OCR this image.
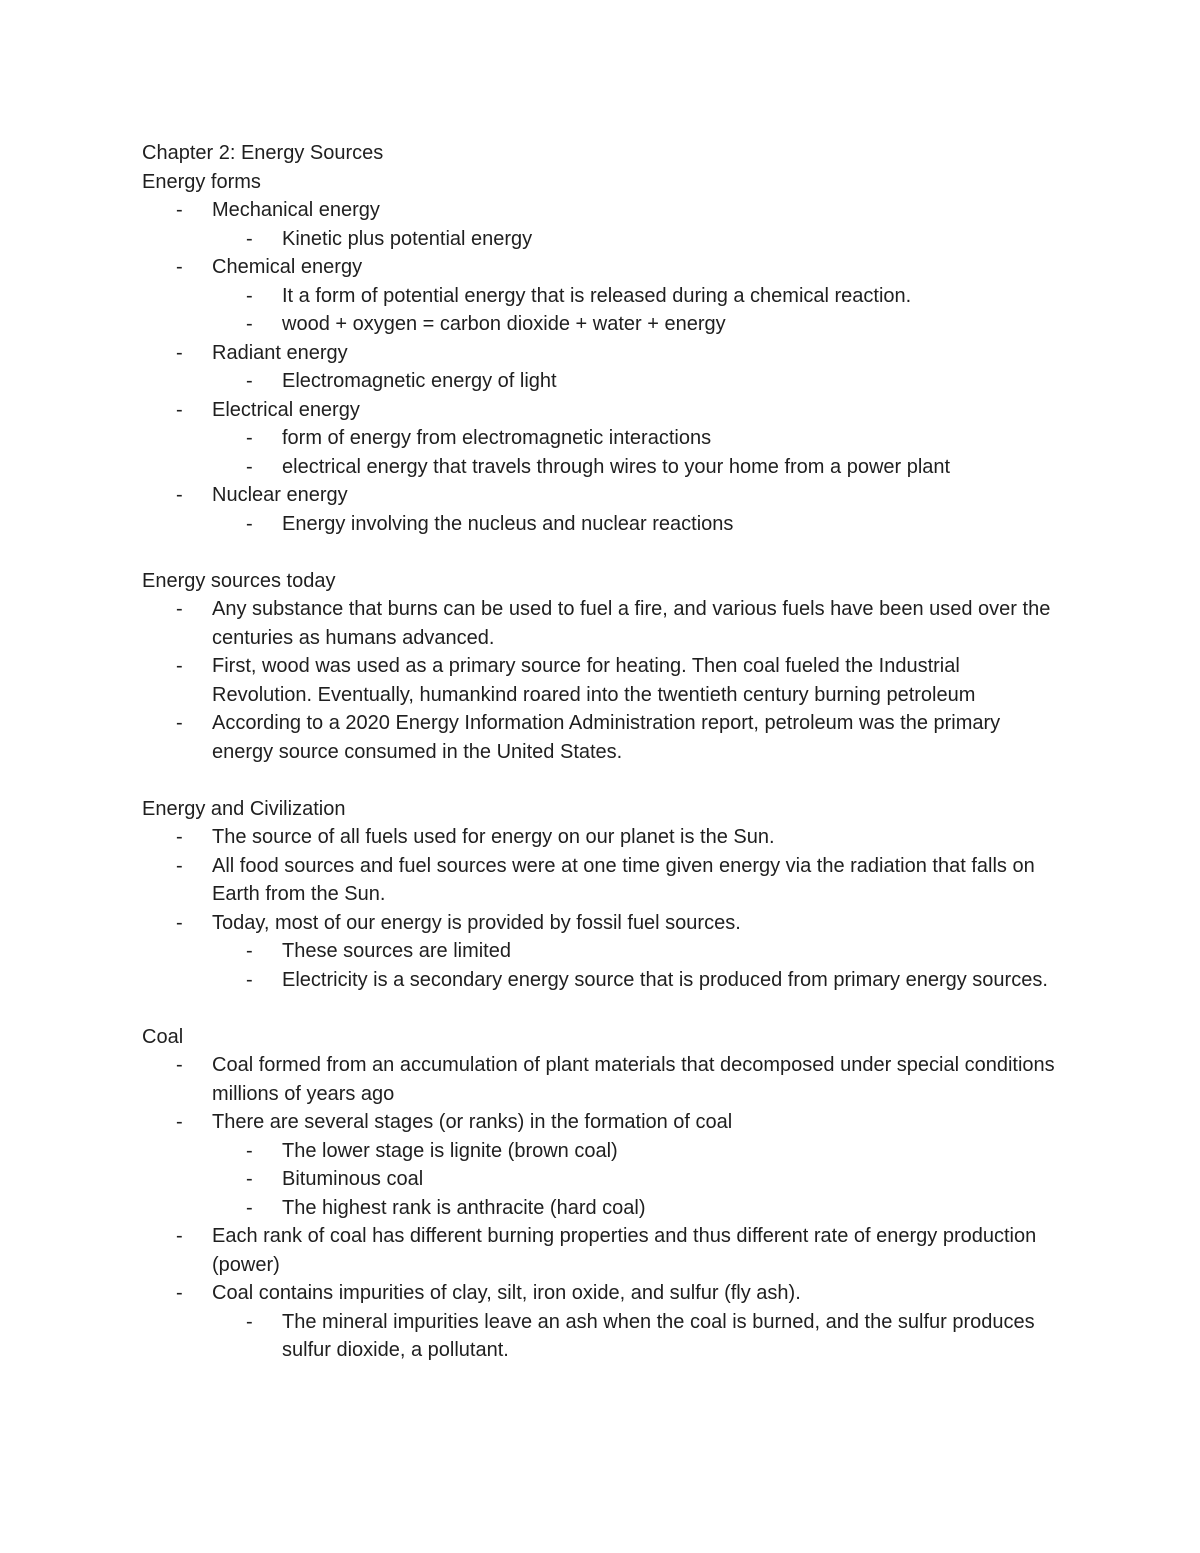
Chapter 2: Energy Sources
Energy forms
- Mechanical energy
- Kinetic plus potential energy
- Chemical energy
- It a form of potential energy that is released during a chemical reaction.
- wood + oxygen = carbon dioxide + water + energy
- Radiant energy
- Electromagnetic energy of light
- Electrical energy
- form of energy from electromagnetic interactions
- electrical energy that travels through wires to your home from a power plant
- Nuclear energy
- Energy involving the nucleus and nuclear reactions
Energy sources today
- Any substance that burns can be used to fuel a fire, and various fuels have been used over the centuries as humans advanced.
- First, wood was used as a primary source for heating. Then coal fueled the Industrial Revolution. Eventually, humankind roared into the twentieth century burning petroleum
- According to a 2020 Energy Information Administration report, petroleum was the primary energy source consumed in the United States.
Energy and Civilization
- The source of all fuels used for energy on our planet is the Sun.
- All food sources and fuel sources were at one time given energy via the radiation that falls on Earth from the Sun.
- Today, most of our energy is provided by fossil fuel sources.
- These sources are limited
- Electricity is a secondary energy source that is produced from primary energy sources.
Coal
- Coal formed from an accumulation of plant materials that decomposed under special conditions millions of years ago
- There are several stages (or ranks) in the formation of coal
- The lower stage is lignite (brown coal)
- Bituminous coal
- The highest rank is anthracite (hard coal)
- Each rank of coal has different burning properties and thus different rate of energy production (power)
- Coal contains impurities of clay, silt, iron oxide, and sulfur (fly ash).
- The mineral impurities leave an ash when the coal is burned, and the sulfur produces sulfur dioxide, a pollutant.
